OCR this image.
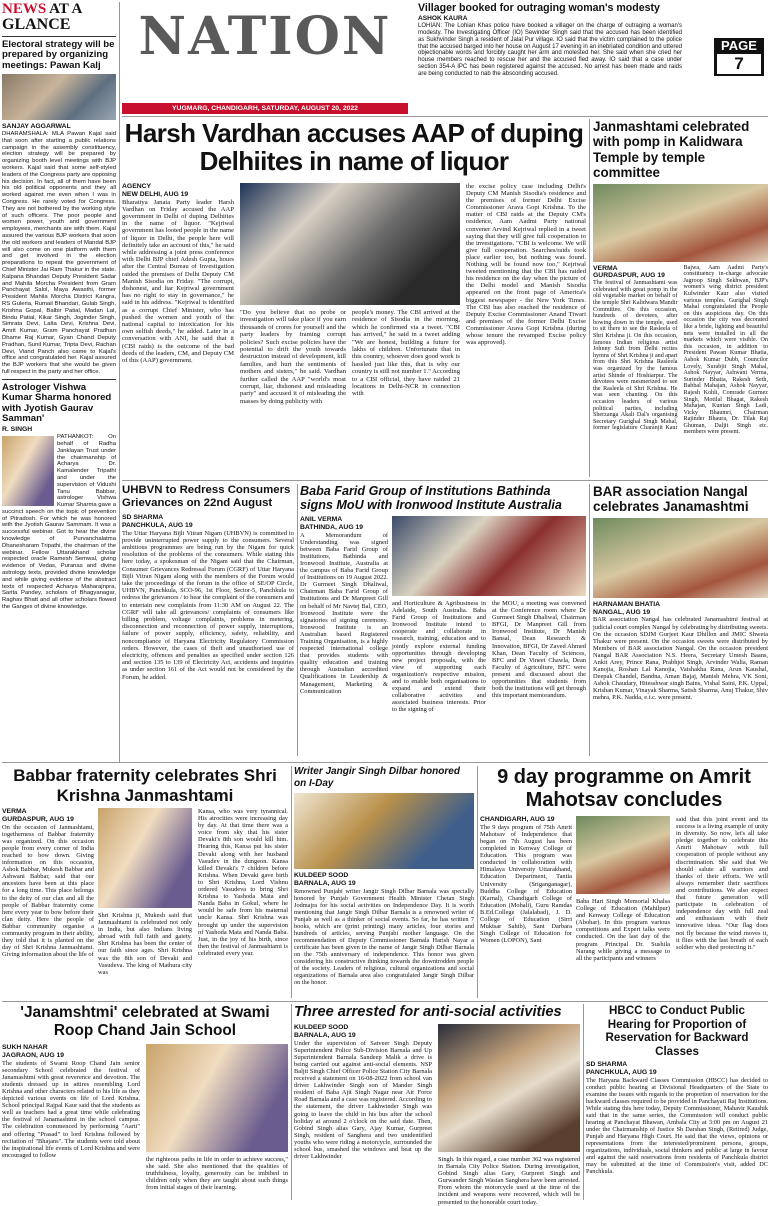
NEWS AT A
GLANCE
Electoral strategy will be prepared by organizing meetings: Pawan Kalj
SANJAY AGGARWAL

DHARAMSHALA: MLA Pawan Kajal said that soon after starting a public relations campaign in the assembly constituency, election strategy will be prepared by organizing booth level meetings with BJP workers. Kajal said that some self-styled leaders of the Congress party are opposing his decision. In fact, all of them have been his old political opponents and they all worked against me even when I was in Congress. He rarely voted for Congress. They are not bothered by the working style of such officers. The poor people and women power, youth and government employees, merchants are with them. Kajal assured the various BJP workers that soon the old workers and leaders of Mandal BJP will also come on one platform with them and get involved in the election preparations to repeat the government of Chief Minister Jai Ram Thakur in the state. Kalpana Bhandari Deputy President Sadar and Mahila Morcha President from Gram Panchayat Salol, Maya Awasthi, former President Mahila Morcha District Kangra, RS Guleria, Rumail Bhandari, Gulab Singh, Krishna Gopal, Balbir Patial, Madan Lal, Bindu Patial, Kikar Singh, Joginder Singh, Simrata Devi, Lalta Devi, Krishna Devi, Amrit Kumar, Gram Panchayat Pradhan Dhame Raj Kumar, Gyan Chand Deputy Pradhan, Sunil Kumar, Tripta Devi, Rachan Devi, Viand Panch also came to Kajal's office and congratulated her. Kajal assured the BJP workers that she would be given full respect in the party and her office.

Astrologer Vishwa Kumar Sharma honored with Jyotish Gaurav Samman'
R. SINGH

PATHANKOT: On behalf of Radha Janklayan Trust under the chairmanship of Acharya Dr. Kamalender Tripathi and under the supervision of Vidushi Tanu Babbar, astrologer Vishwa Kumar Sharma gave a succinct speech on the topic of prevention of Pitradosh. For which he was honored with the Jyotish Gaurav Sammam. It was a successful webinar. Got to hear the divine knowledge of Purvanchalatma Dhanesharam Tripathi, the chairman of the webinar. Fellow Uttarakhand scholar respected oracle Ramesh Semwal, giving evidence of Vedas, Puranas and divine astrology texts, provided divine knowledge and while giving evidence of the abstract texts of respected Acharya Maharajnpra, Sarita Pandey, scholars of Bhagyanagar, Raghav Bhatt and all other scholars flowed the Ganges of divine knowledge.

NATION
YUGMARG, CHANDIGARH, SATURDAY, AUGUST 20, 2022
Villager booked for outraging woman's modesty
ASHOK KAURA

LOHIAN: The Lohian Khas police have booked a villager on the charge of outraging a woman's modesty. The Investigating Officer (IO) Sewinder Singh said that the accused has been identified as Sukhvinder Singh a resident of Jalal Pur village. IO said that the victim complained to the police that the accused barged into her house on August 17 evening in an inebriated condition and uttered objectionable words and forcibly caught her arm and molested her. She said when she cried her house members reached to rescue her and the accused fled away. IO said that a case under section 354-A IPC has been registered against the accused. No arrest has been made and raids are being conducted to nab the absconding accused.

PAGE
7
Harsh Vardhan accuses AAP of duping Delhiites in name of liquor
AGENCY
NEW DELHI, AUG 19

Bharatiya Janata Party leader Harsh Vardhan on Friday accused the AAP government in Delhi of duping Delhiites in the name of liquor. "Kejriwal government has looted people in the name of liquor in Delhi, the people here will definitely take an account of this," he said while addressing a joint press conference with Delhi BJP chief Adesh Gupta, hours after the Central Bureau of Investigation raided the premises of Delhi Deputy CM Manish Sisodia on Friday. "The corrupt, dishonest, and liar Kejriwal government has no right to stay in governance," he said in his address. "Kejriwal is identified as a corrupt Chief Minister, who has pushed the women and youth of the national capital to intoxication for his own selfish deeds," he added. Later in a conversation with ANI, he said that it (CBI raids) is the outcome of the bad deeds of the leaders, CM, and Deputy CM of this (AAP) government.

"Do you believe that no probe or investigation will take place if you earn thousands of crores for yourself and the party leaders by framing corrupt policies? Such excise policies have the potential to drift the youth towards destruction instead of development, kill families, and hurt the sentiments of mothers and sisters," he said. Vardhan further called the AAP "world's most corrupt, liar, dishonest and misleading party" and accused it of misleading the masses by doing publicity with

people's money. The CBI arrived at the residence of Sisodia in the morning, which he confirmed via a tweet. "CBI has arrived," he said in a tweet adding "We are honest, building a future for lakhs of children. Unfortunate that in this country, whoever does good work is hassled just like this, that is why our country is still not number 1." According to a CBI official, they have raided 21 locations in Delhi-NCR in connection with

the excise policy case including Delhi's Deputy CM Manish Sisodia's residence and the premises of former Delhi Excise Commissioner Arava Gopi Krishna. To the matter of CBI raids at the Deputy CM's residence, Aam Aadmi Party national convener Arvind Kejriwal replied in a tweet saying that they will give full cooperation to the investigations. "CBI is welcome. We will give full cooperation. Searches/raids took place earlier too, but nothing was found. Nothing will be found now too," Kejriwal tweeted mentioning that the CBI has raided his residence on the day when the picture of the Delhi model and Manish Sisodia appeared on the front page of America's biggest newspaper - the New York Times. The CBI has also reached the residence of Deputy Excise Commissioner Anand Tiwari and premises of the former Delhi Excise Commissioner Arava Gopi Krishna (during whose tenure the revamped Excise policy was approved).

Janmashtami celebrated with pomp in Kalidwara Temple by temple committee
VERMA
GURDASPUR, AUG 19

The festival of Janmashtami was celebrated with great pomp in the old vegetable market on behalf of the temple Shri Kalidwara Mandir Committee. On this occasion, hundreds of devotees, after bowing down in the temple, used to sit there to see the Rasleela of Shri Krishna ji. On this occasion, famous Indian religious artist Johnny Sufi from Delhi recites hymns of Shri Krishna ji and apart from this Shri Krishna Rasleela was organized by the famous artist Shinde of Hoshiarpur. The devotees were mesmerized to see the Rasleela of Shri Krishna. He was seen chanting. On this occasion leaders of various political parties, including Sherzanga Akali Dal's organising Secretary Gurighal Singh Mahal, former legislature Charanjit Kaur Bajwa, Aam Aadmi Party's constituency in-charge advocate Jagroop Singh Sekhwan, BJP's women's wing district president Kulwinder Kaur also visited various temples. Gurighal Singh Mahal congratulated the People on this auspicious day. On this occasion the city was decorated like a bride, lighting and beautiful nets were installed in all the markets which were visible. On this occasion, in addition to President Pawan Kumar Bhatia, Ashok Kumar Dubb, Councilor Lovely, Surabjit Singh Mahal, Ashok Nayyar, Ashwani Verma, Surinder Bhatia, Rakesh Seth, Babbal Mahajan, Ashok Nayyar, Rajesh Kohli, Comrade Gurmez Singh, Motilal Bhagat, Rakesh Mahajan, Kuntan Singh Ladi, Vicky Bhaumri, Chairman Rajinder Bhaura, Dr. Tilak Raj Ghuman, Daljit Singh etc. members were present.

UHBVN to Redress Consumers Grievances on 22nd August
SD SHARMA
PANCHKULA, AUG 19

The Uttar Haryana Bijli Vitran Nigam (UHBVN) is committed to provide uninterrupted power supply to the consumers. Several ambitious programmes are being run by the Nigam for quick resolution of the problems of the consumers. While stating this here today, a spokesman of the Nigam said that the Chairman, Consumer Grievances Redressal Forum (CGRF) of Uttar Haryana Bijli Vitran Nigam along with the members of the Forum would take the proceedings of the forum in the office of SE/OP Circle, UHBVN, Panchkula, SCO-96, 1st Floor, Sector-5, Panchkula to redress the grievances / to hear the complaint of the consumers and to entertain new complaints from 11:30 AM on August 22. The CGRF will take all grievances/ complaints of consumers like billing problem, voltage complaints, problems in metering, disconnection and reconnection of power supply, interruptions, failure of power supply, efficiency, safety, reliability, and noncompliance of Haryana Electricity Regulatory Commission orders. However, the cases of theft and unauthorised use of electricity, offences and penalties as specified under section 126 and section 135 to 139 of Electricity Act, accidents and inquiries as under section 161 of the Act would not be considered by the Forum, he added.

Baba Farid Group of Institutions Bathinda signs MoU with Ironwood Institute Australia
ANIL VERMA
BATHINDA, AUG 19

A Memorandum of Understanding was signed between Baba Farid Group of Institutions, Bathinda and Ironwood Institute, Australia at the campus of Baba Farid Group of Institutions on 19 August 2022. Dr Gurmeet Singh Dhaliwal, Chairman Baba Farid Group of Institutions and Dr Manpreet Gill on behalf of Mr Navtej Bal, CEO, Ironwood Institute were the signatories of signing ceremony. Ironwood Institute is an Australian based Registered Training Organisation, is a highly respected international college that provides students with quality education and training through Australian accredited Qualifications in Leadership & Management, Marketing & Communication

and Horticulture & Agribusiness in Adelaide, South Australia. Baba Farid Group of Institutions and Ironwood Institute intend to cooperate and collaborate in research, training, education and to jointly explore external funding opportunities through developing new project proposals, with the view of supporting each organization's respective mission, and to enable both organisations to expand and extend their collaborative activities and associated business interests. Prior to the signing of

the MOU, a meeting was convened at the Conference room where Dr Gurmeet Singh Dhaliwal, Chairman BFGI, Dr Manpreet Gill from Ironwood Institute, Dr Manish Bansal, Dean Research & Innovation, BFGI, Dr Zaved Ahmed Khan, Dean Faculty of Sciences, BFC and Dr Vineet Chawla, Dean Faculty of Agriculture, BFC were present and discussed about the opportunities that students from both the institutions will get through this important memorandum.

BAR association Nangal celebrates Janamashtmi
HARNAMAN BHATIA
NANGAL, AUG 19

BAR association Nangal has celebrated Janamashtmi festival at judicial court complex Nangal by celebrating by distributing sweets. On the occasion SDJM Gurjeet Kaur Dhillon and JMIC Shweta Thakur were present. On the occasion sweets were distributed by Members of BAR association Nangal. On the occasion president Nangal BAR Association N.S. Heera, Secretary Umesh Baans, Ankit Arey, Prince Rana, Prabhjot Singh, Arvinder Walia, Raman Kanojia, Roshan Lal Kanojia, Vaishakha Rana, Arun Kaushal, Deepak Chandel, Bandna, Aman Bajaj, Manish Mehra, VK Soni, Ashok Chaudary, Hitesshwar singh Bains, Vishal Saini, P.K. Uppal, Krishan Kumar, Vinayak Sharma, Satish Sharma, Anuj Thakur, Shiv mehra, P.K. Nadda, e.t.c. were present.

Babbar fraternity celebrates Shri Krishna Janmashtami
VERMA
GURDASPUR, AUG 19

On the occasion of Janmashtami, togetherness of Babbar fraternity was organized. On this occasion people from every corner of India reached to bow down. Giving information on this occasion, Ashok Babbar, Mukesh Babbar and Ashwani Babbar, said that our ancestors have been at this place for a long time. This place belongs to the deity of our clan and all the people of Babbar fraternity come here every year to bow before their clan deity. Here the people of Babbar community organise a community program in their ability, they told that it is planted on the day of Shri Krishna Janmashtami. Giving information about the life of

Shri Krishna ji, Mukesh said that Janmashtami is celebrated not only in India, but also Indians living abroad with full faith and gaiety. Shri Krishna has been the center of our faith since ages. Shri Krishna was the 8th son of Devaki and Vasudeva. The king of Mathura city was

Kansa, who was very tyrannical. His atrocities were increasing day by day. At that time there was a voice from sky that his sister Devaki's 8th son would kill him. Hearing this, Kansa put his sister Devaki along with her husband Vasudev in the dungeon. Kansa killed Devaki's 7 children before Krishna. When Devaki gave birth to Shri Krishna, Lord Vishnu ordered Vasudeva to bring Shri Krishna to Yashoda Mata and Nanda Baba in Gokul, where he would be safe from his maternal uncle Kansa. Shri Krishna was brought up under the supervision of Yashoda Mata and Nanda Baba. Just, in the joy of his birth, since then the festival of Janmashtami is celebrated every year.

Writer Jangir Singh Dilbar honored on I-Day
KULDEEP SOOD
BARNALA, AUG 19

Renowned Punjabi writer Jangir Singh Dilbar Barnala was specially honored by Punjab Government Health Minister Chetan Singh Jodmajra for his social activities on Independence Day. It is worth mentioning that Jangir Singh Dilbar Barnala is a renowned writer of Punjab as well as a thinker of social events. So far, he has written 7 books, which are (print printing) many articles, four stories and hundreds of articles, serving Punjabi mother language. On the recommendation of Deputy Commissioner Barnala Harish Nayar a certificate has been given in the name of Jangir Singh Dilbar Barnala on the 75th anniversary of independence. This honor was given considering his constructive thinking towards the downtrodden people of the society. Leaders of religious, cultural organizations and social organizations of Barnala area also congratulated Jangir Singh Dilbar on the honor.

9 day programme on Amrit Mahotsav concludes
CHANDIGARH, AUG 19

The 9 days program of 75th Amrit Mahotsav of Independence that began on 7th August has been completed in Kenway College of Education. This program was conducted in collaboration with Himalaya University Uttarakhand, Education Department, Tantia University (Sriganganagar), Buddha College of Education (Karnal), Chandigarh College of Education (Mohali), Guru Ramdas B.Ed.College (Jalalabad), J. D. College of Education (Sirri Muktsar Sahib), Sant Darbara Singh College of Education for Women (LOPON), Sant

Baba Hari Singh Memorial Khalsa College of Education (Mahilpur) and Kenway College of Education (Abohar). In this program various competitions and Expert talks were conducted. On the last day of the program Principal Dr. Sushila Narang while giving a message to all the participants and winners

said that this joint event and its success is a living example of unity in diversity. So now, let's all take pledge together to celebrate this Amrit Mahotsav with full cooperation of people without any discrimination. She said that We should salute all warriors and thanks of their efforts. We will always remember their sacrifices and contributions. We also expect that future generation will participate in celebration of independence day with full zeal and enthusiasm with their innovative ideas. "Our flag does not fly because the wind moves it, it flies with the last breath of each soldier who died protecting it."

'Janamshtmi' celebrated at Swami Roop Chand Jain School
SUKH NAHAR
JAGRAON, AUG 19

The students of Swami Roop Chand Jain senior secondary School celebrated the festival of Janamashtmi with great reverence and devotion. The students dressed up in attires resembling Lord Krishna and other characters related to his life as they depicted various events on life of Lord Krishna. School principal Rajpal Kaur said that the students as well as teachers had a great time while celebrating the festival of Janamashtmi in the school campus. The celebration commenced by performing "Aarti" and offering "Prasad" to lord Krishna followed by recitation of "Bhajans". The students were told about the inspirational life events of Lord Krishna and were encouraged to follow

the righteous paths in life in order to achieve success," she said. She also mentioned that the qualities of truthfulness, loyalty, generosity can be imbibed in children only when they are taught about such things from initial stages of their learning.

Three arrested for anti-social activities
KULDEEP SOOD
BARNALA, AUG 19

Under the supervision of Satveer Singh Deputy Superintendent Police Sub-Division Barnala and Up Superintendent Barnala Sandeep Malik a drive is being carried out against anti-social elements. NSP Baljit Singh Chief Officer Police Station City Barnala received a statement on 16-08-2022 from school van driver Lakhwinder Singh son of Mander Singh resident of Baba Ajit Singh Nagar near Air Force Road Barnala and a case was registered. According to the statement, the driver Lakhwinder Singh was going to leave the child in his bus after the school holiday at around 2 o'clock on the said date. Then, Gobind Singh alias Gary, Ajay Kumar, Gurpreet Singh, resident of Sanghera and two unidentified youths who were riding a motorcycle, surrounded the school bus, smashed the windows and beat up the driver Lakhwinder	Singh. In this regard, a case number 362 was registered in Barnala City Police Station. During investigation, Gobind Singh alias Gary, Gurpreet Singh and Gurwander Singh Wasian Sanghera have been arrested. From whom the motorcycle used at the time of the incident and weapons were recovered, which will be presented to the honorable court today.

HBCC to Conduct Public Hearing for Proportion of Reservation for Backward Classes
SD SHARMA
PANCHKULA, AUG 19

The Haryana Backward Classes Commission (HBCC) has decided to conduct public hearing at Divisional Headquarters of the State to examine the issues with regards to the proportion of reservation for the backward classes required to be provided in Panchayati Raj Institutions. While stating this here today, Deputy Commissioner, Mahavir Kaushik said that in the same series, the Commission will conduct public hearing at Panchayat Bhawan, Ambala City at 3:00 pm on August 21 under the Chairmanship of Justice Sh Darshan Singh, (Retired) Judge, Punjab and Haryana High Court. He said that the views, opinions or representations from the interested/prominent persons, groups, organizations, individuals, social thinkers and public at large in favour and against the said reservations from residents of Panchkula district may be submitted at the time of Commission's visit, added DC Panchkula.
